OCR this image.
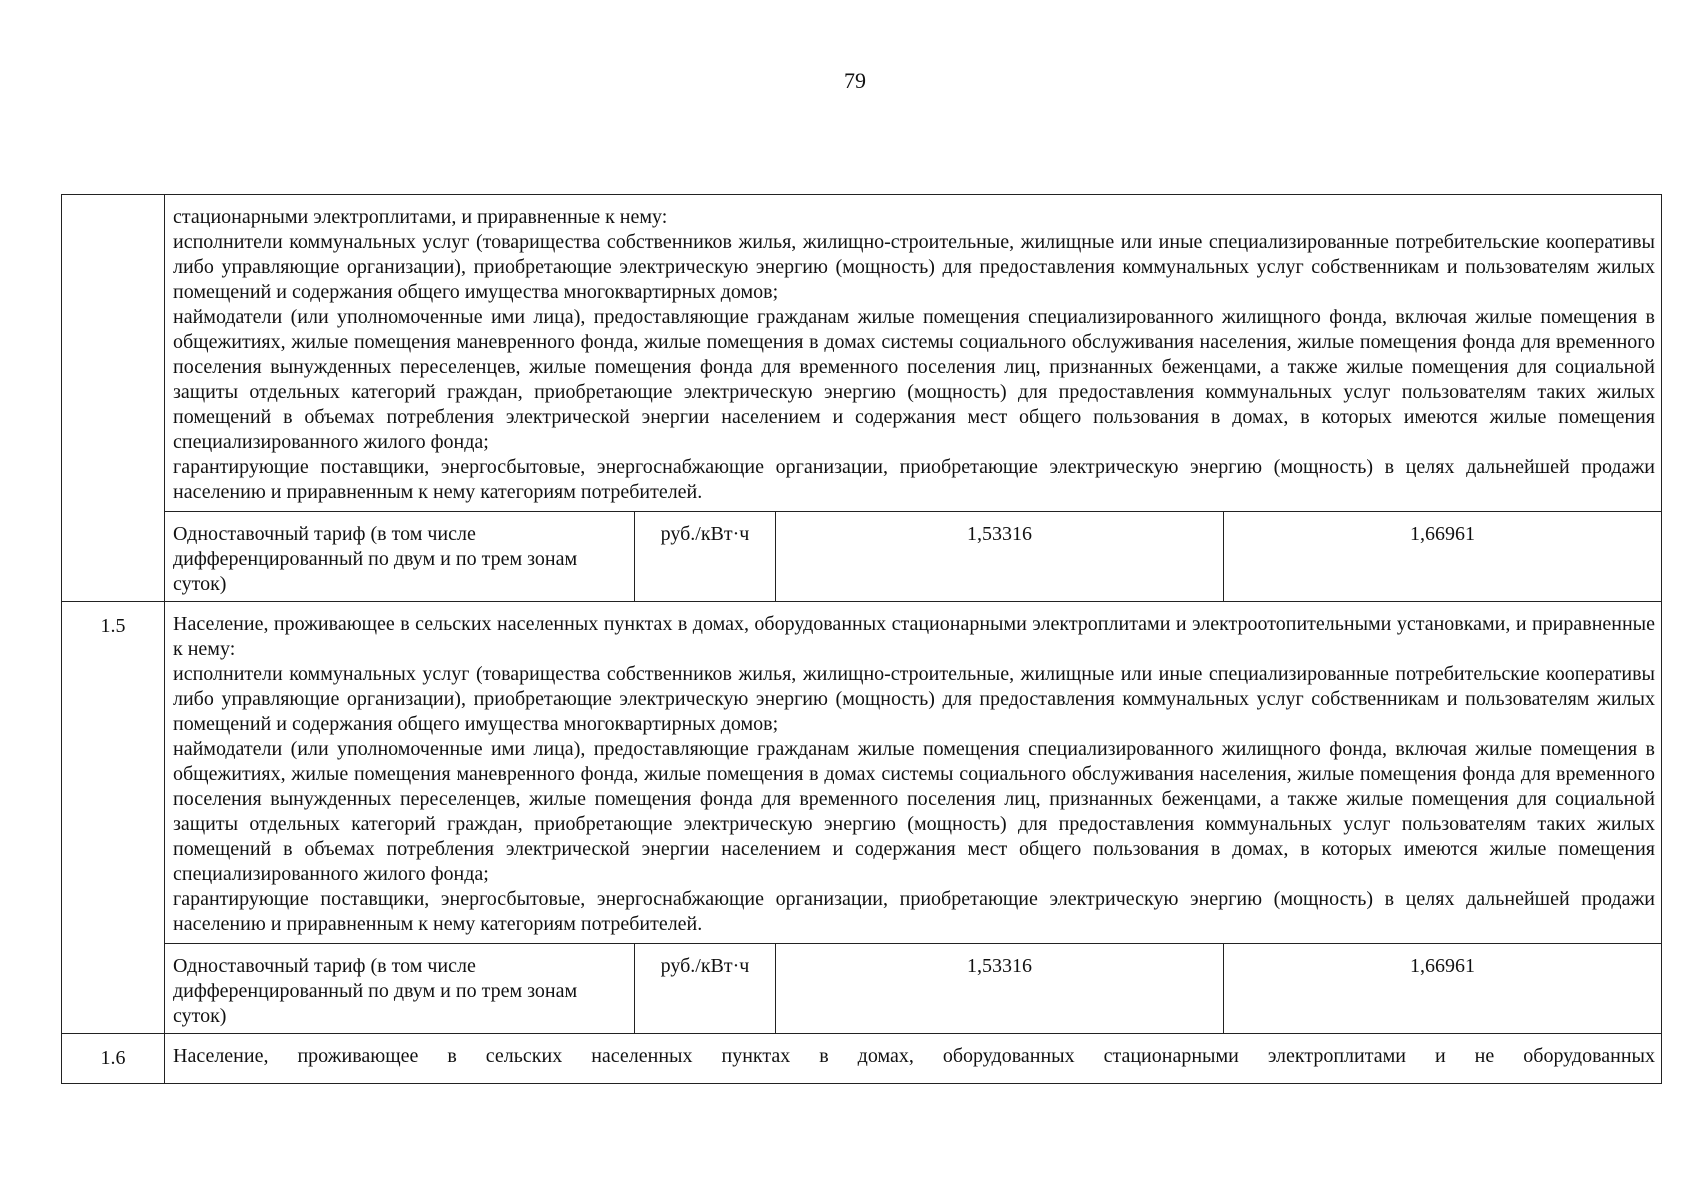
79

стационарными электроплитами, и приравненные к нему:

исполнители коммунальных услуг (товарищества собственников жилья, жилищно-строительные, жилищные или иные специализированные потребительские кооперативы либо управляющие организации), приобретающие электрическую энергию (мощность) для предоставления коммунальных услуг собственникам и пользователям жилых помещений и содержания общего имущества многоквартирных домов;

наймодатели (или уполномоченные ими лица), предоставляющие гражданам жилые помещения специализированного жилищного фонда, включая жилые помещения в общежитиях, жилые помещения маневренного фонда, жилые помещения в домах системы социального обслуживания населения, жилые помещения фонда для временного поселения вынужденных переселенцев, жилые помещения фонда для временного поселения лиц, признанных беженцами, а также жилые помещения для социальной защиты отдельных категорий граждан, приобретающие электрическую энергию (мощность) для предоставления коммунальных услуг пользователям таких жилых помещений в объемах потребления электрической энергии населением и содержания мест общего пользования в домах, в которых имеются жилые помещения специализированного жилого фонда;

гарантирующие поставщики, энергосбытовые, энергоснабжающие организации, приобретающие электрическую энергию (мощность) в целях дальнейшей продажи населению и приравненным к нему категориям потребителей.

Одноставочный тариф (в том числе дифференцированный по двум и по трем зонам суток)	руб./кВт·ч	1,53316	1,66961

1.5	Население, проживающее в сельских населенных пунктах в домах, оборудованных стационарными электроплитами и электроотопительными установками, и приравненные к нему:

исполнители коммунальных услуг (товарищества собственников жилья, жилищно-строительные, жилищные или иные специализированные потребительские кооперативы либо управляющие организации), приобретающие электрическую энергию (мощность) для предоставления коммунальных услуг собственникам и пользователям жилых помещений и содержания общего имущества многоквартирных домов;

наймодатели (или уполномоченные ими лица), предоставляющие гражданам жилые помещения специализированного жилищного фонда, включая жилые помещения в общежитиях, жилые помещения маневренного фонда, жилые помещения в домах системы социального обслуживания населения, жилые помещения фонда для временного поселения вынужденных переселенцев, жилые помещения фонда для временного поселения лиц, признанных беженцами, а также жилые помещения для социальной защиты отдельных категорий граждан, приобретающие электрическую энергию (мощность) для предоставления коммунальных услуг пользователям таких жилых помещений в объемах потребления электрической энергии населением и содержания мест общего пользования в домах, в которых имеются жилые помещения специализированного жилого фонда;

гарантирующие поставщики, энергосбытовые, энергоснабжающие организации, приобретающие электрическую энергию (мощность) в целях дальнейшей продажи населению и приравненным к нему категориям потребителей.

Одноставочный тариф (в том числе дифференцированный по двум и по трем зонам суток)	руб./кВт·ч	1,53316	1,66961

1.6	Население, проживающее в сельских населенных пунктах в домах, оборудованных стационарными электроплитами и не оборудованных
